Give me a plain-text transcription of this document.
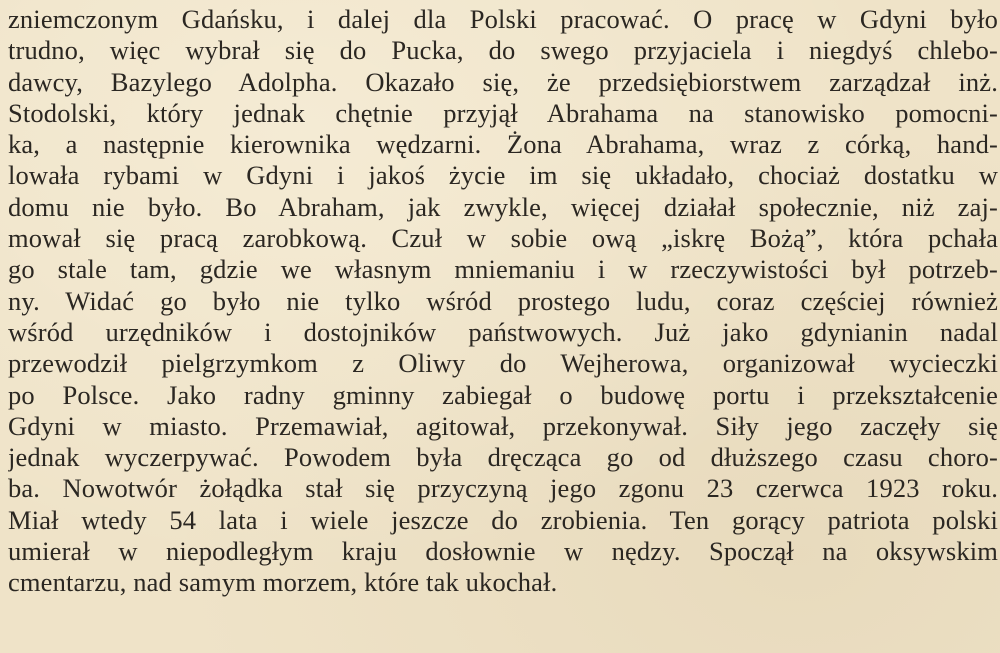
zniemczonym Gdańsku, i dalej dla Polski pracować. O pracę w Gdyni było
trudno, więc wybrał się do Pucka, do swego przyjaciela i niegdyś chlebo-
dawcy, Bazylego Adolpha. Okazało się, że przedsiębiorstwem zarządzał inż.
Stodolski, który jednak chętnie przyjął Abrahama na stanowisko pomocni-
ka, a następnie kierownika wędzarni. Żona Abrahama, wraz z córką, hand-
lowała rybami w Gdyni i jakoś życie im się układało, chociaż dostatku w
domu nie było. Bo Abraham, jak zwykle, więcej działał społecznie, niż zaj-
mował się pracą zarobkową. Czuł w sobie ową „iskrę Bożą”, która pchała
go stale tam, gdzie we własnym mniemaniu i w rzeczywistości był potrzeb-
ny. Widać go było nie tylko wśród prostego ludu, coraz częściej również
wśród urzędników i dostojników państwowych. Już jako gdynianin nadal
przewodził pielgrzymkom z Oliwy do Wejherowa, organizował wycieczki
po Polsce. Jako radny gminny zabiegał o budowę portu i przekształcenie
Gdyni w miasto. Przemawiał, agitował, przekonywał. Siły jego zaczęły się
jednak wyczerpywać. Powodem była dręcząca go od dłuższego czasu choro-
ba. Nowotwór żołądka stał się przyczyną jego zgonu 23 czerwca 1923 roku.
Miał wtedy 54 lata i wiele jeszcze do zrobienia. Ten gorący patriota polski
umierał w niepodległym kraju dosłownie w nędzy. Spoczął na oksywskim
cmentarzu, nad samym morzem, które tak ukochał.
